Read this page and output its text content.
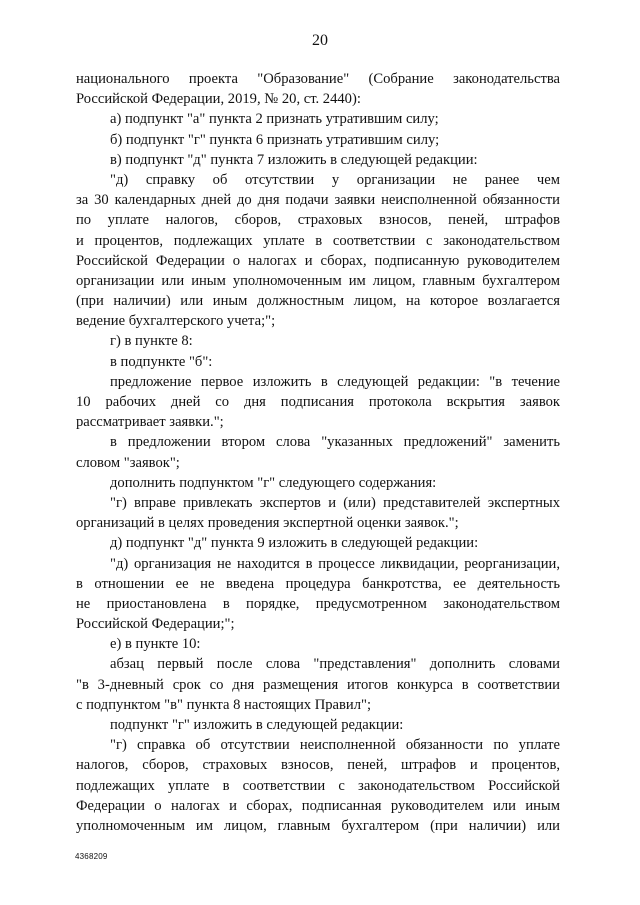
20
национального проекта "Образование" (Собрание законодательства
Российской Федерации, 2019, № 20, ст. 2440):
а) подпункт "а" пункта 2 признать утратившим силу;
б) подпункт "г" пункта 6 признать утратившим силу;
в) подпункт "д" пункта 7 изложить в следующей редакции:
"д) справку об отсутствии у организации не ранее чем
за 30 календарных дней до дня подачи заявки неисполненной обязанности
по уплате налогов, сборов, страховых взносов, пеней, штрафов
и процентов, подлежащих уплате в соответствии с законодательством
Российской Федерации о налогах и сборах, подписанную руководителем
организации или иным уполномоченным им лицом, главным бухгалтером
(при наличии) или иным должностным лицом, на которое возлагается
ведение бухгалтерского учета;";
г) в пункте 8:
в подпункте "б":
предложение первое изложить в следующей редакции: "в течение
10 рабочих дней со дня подписания протокола вскрытия заявок
рассматривает заявки.";
в предложении втором слова "указанных предложений" заменить
словом "заявок";
дополнить подпунктом "г" следующего содержания:
"г) вправе привлекать экспертов и (или) представителей экспертных
организаций в целях проведения экспертной оценки заявок.";
д) подпункт "д" пункта 9 изложить в следующей редакции:
"д) организация не находится в процессе ликвидации, реорганизации,
в отношении ее не введена процедура банкротства, ее деятельность
не приостановлена в порядке, предусмотренном законодательством
Российской Федерации;";
е) в пункте 10:
абзац первый после слова "представления" дополнить словами
"в 3-дневный срок со дня размещения итогов конкурса в соответствии
с подпунктом "в" пункта 8 настоящих Правил";
подпункт "г" изложить в следующей редакции:
"г) справка об отсутствии неисполненной обязанности по уплате
налогов, сборов, страховых взносов, пеней, штрафов и процентов,
подлежащих уплате в соответствии с законодательством Российской
Федерации о налогах и сборах, подписанная руководителем или иным
уполномоченным им лицом, главным бухгалтером (при наличии) или
4368209
